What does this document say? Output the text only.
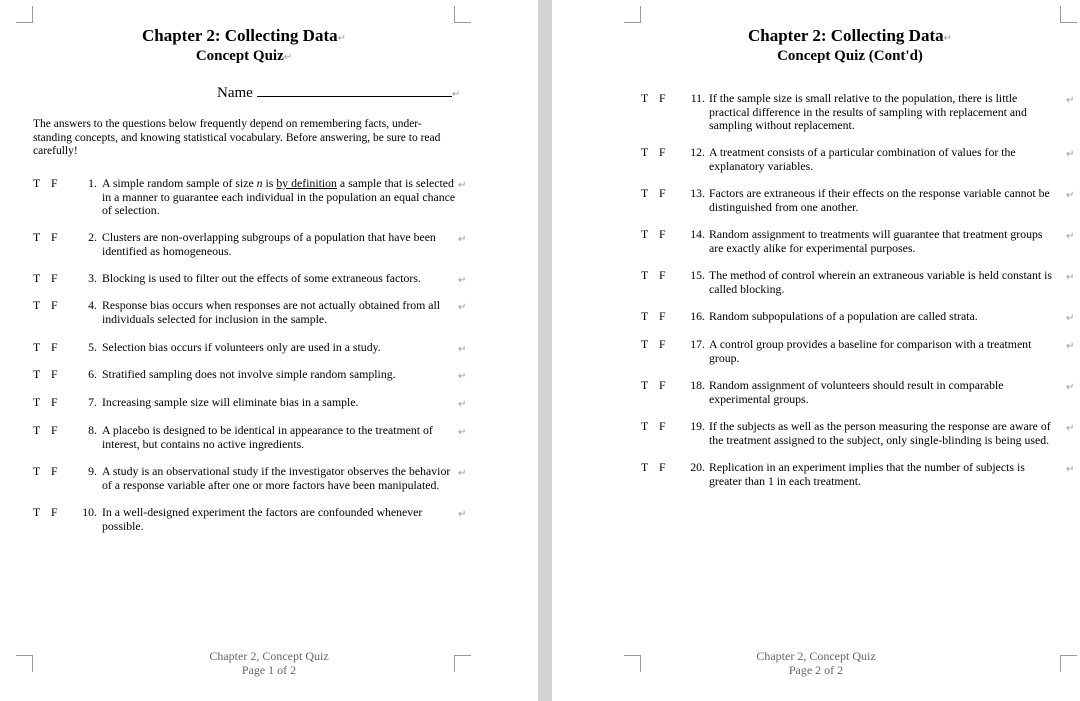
Chapter 2: Collecting Data↵
Concept Quiz↵
Name	↵
The answers to the questions below frequently depend on remembering facts, under-standing concepts, and knowing statistical vocabulary. Before answering, be sure to read carefully!
T F	1. A simple random sample of size n is by definition a sample that is selected in a manner to guarantee each individual in the population an equal chance of selection.
↵
T F	2. Clusters are non-overlapping subgroups of a population that have been identified as homogeneous.
↵
T F	3. Blocking is used to filter out the effects of some extraneous factors.	↵
T F	4. Response bias occurs when responses are not actually obtained from all individuals selected for inclusion in the sample.
↵
T F	5. Selection bias occurs if volunteers only are used in a study.	↵
T F	6. Stratified sampling does not involve simple random sampling.	↵
T F	7. Increasing sample size will eliminate bias in a sample.	↵
T F	8. A placebo is designed to be identical in appearance to the treatment of interest, but contains no active ingredients.
↵
T F	9. A study is an observational study if the investigator observes the behavior of a response variable after one or more factors have been manipulated.
↵
T F	10. In a well-designed experiment the factors are confounded whenever possible.
↵
Chapter 2, Concept Quiz
Page 1 of 2
Chapter 2: Collecting Data↵
Concept Quiz (Cont'd)
T F	11. If the sample size is small relative to the population, there is little practical difference in the results of sampling with replacement and sampling without replacement.
↵
T F	12. A treatment consists of a particular combination of values for the explanatory variables.
↵
T F	13. Factors are extraneous if their effects on the response variable cannot be distinguished from one another.
↵
T F	14. Random assignment to treatments will guarantee that treatment groups are exactly alike for experimental purposes.
↵
T F	15. The method of control wherein an extraneous variable is held constant is called blocking.
↵
T F	16. Random subpopulations of a population are called strata.	↵
T F	17. A control group provides a baseline for comparison with a treatment group.
↵
T F	18. Random assignment of volunteers should result in comparable experimental groups.
↵
T F	19. If the subjects as well as the person measuring the response are aware of the treatment assigned to the subject, only single-blinding is being used.
↵
T F	20. Replication in an experiment implies that the number of subjects is greater than 1 in each treatment.
↵
Chapter 2, Concept Quiz
Page 2 of 2
